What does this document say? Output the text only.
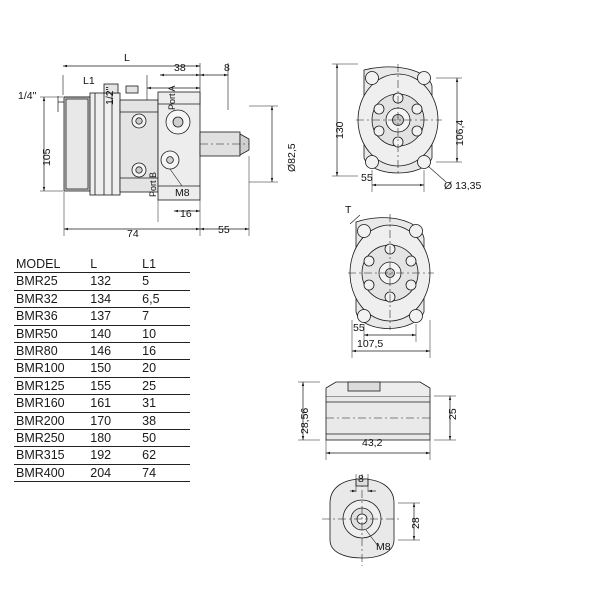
L
L1
38	8
1/4"	1/2"
105
Port A
Port B M8
16
74	55
Ø82,5
130	106,4
55
Ø 13,35
T
55
107,5
28,56	25
43,2
8
28
M8
MODEL	L	L1
BMR25	132	5
BMR32	134	6,5
BMR36	137	7
BMR50	140	10
BMR80	146	16
BMR100	150	20
BMR125	155	25
BMR160	161	31
BMR200	170	38
BMR250	180	50
BMR315	192	62
BMR400	204	74
